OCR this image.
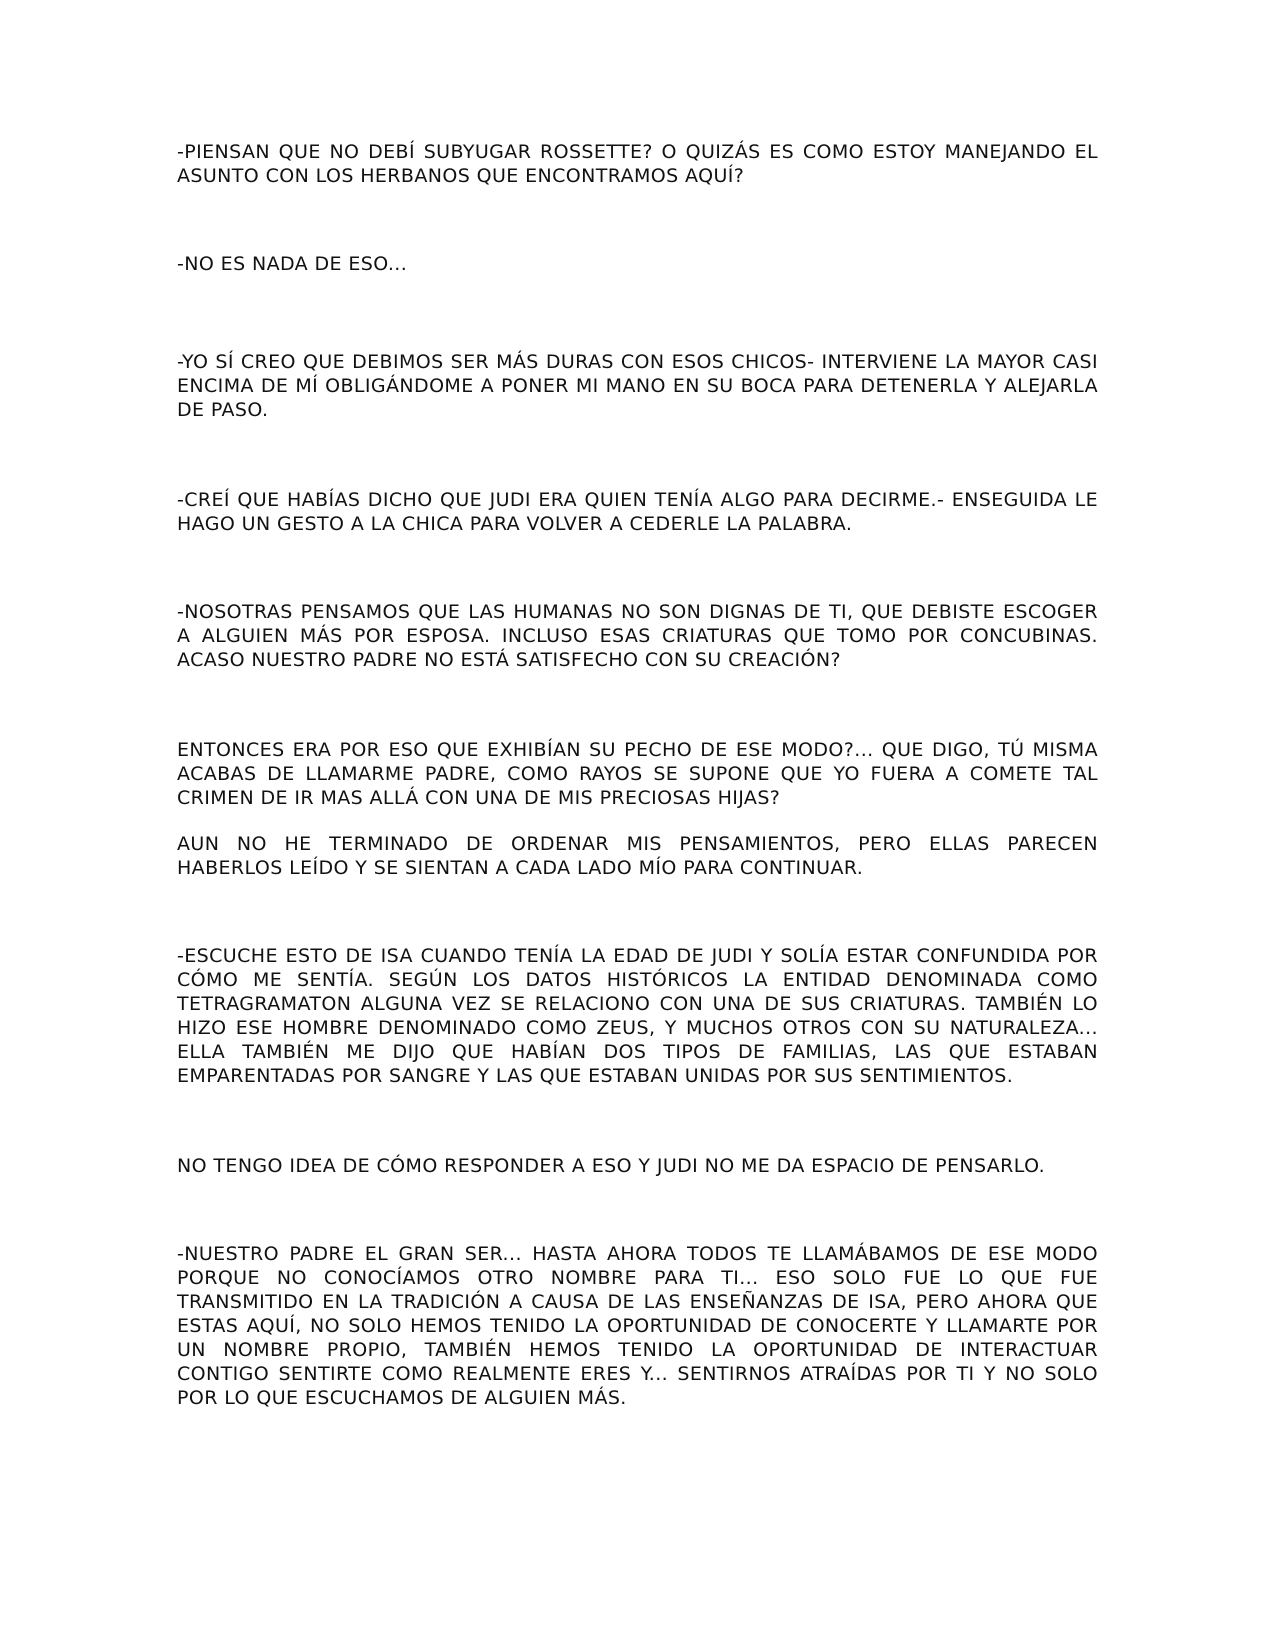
-PIENSAN QUE NO DEBÍ SUBYUGAR ROSSETTE? O QUIZÁS ES COMO ESTOY MANEJANDO EL ASUNTO CON LOS HERBANOS QUE ENCONTRAMOS AQUÍ?

-NO ES NADA DE ESO...

-YO SÍ CREO QUE DEBIMOS SER MÁS DURAS CON ESOS CHICOS- INTERVIENE LA MAYOR CASI ENCIMA DE MÍ OBLIGÁNDOME A PONER MI MANO EN SU BOCA PARA DETENERLA Y ALEJARLA DE PASO.

-CREÍ QUE HABÍAS DICHO QUE JUDI ERA QUIEN TENÍA ALGO PARA DECIRME.- ENSEGUIDA LE HAGO UN GESTO A LA CHICA PARA VOLVER A CEDERLE LA PALABRA.

-NOSOTRAS PENSAMOS QUE LAS HUMANAS NO SON DIGNAS DE TI, QUE DEBISTE ESCOGER A ALGUIEN MÁS POR ESPOSA. INCLUSO ESAS CRIATURAS QUE TOMO POR CONCUBINAS. ACASO NUESTRO PADRE NO ESTÁ SATISFECHO CON SU CREACIÓN?

ENTONCES ERA POR ESO QUE EXHIBÍAN SU PECHO DE ESE MODO?... QUE DIGO, TÚ MISMA ACABAS DE LLAMARME PADRE, COMO RAYOS SE SUPONE QUE YO FUERA A COMETE TAL CRIMEN DE IR MAS ALLÁ CON UNA DE MIS PRECIOSAS HIJAS?

AUN NO HE TERMINADO DE ORDENAR MIS PENSAMIENTOS, PERO ELLAS PARECEN HABERLOS LEÍDO Y SE SIENTAN A CADA LADO MÍO PARA CONTINUAR.

-ESCUCHE ESTO DE ISA CUANDO TENÍA LA EDAD DE JUDI Y SOLÍA ESTAR CONFUNDIDA POR CÓMO ME SENTÍA. SEGÚN LOS DATOS HISTÓRICOS LA ENTIDAD DENOMINADA COMO TETRAGRAMATON ALGUNA VEZ SE RELACIONO CON UNA DE SUS CRIATURAS. TAMBIÉN LO HIZO ESE HOMBRE DENOMINADO COMO ZEUS, Y MUCHOS OTROS CON SU NATURALEZA... ELLA TAMBIÉN ME DIJO QUE HABÍAN DOS TIPOS DE FAMILIAS, LAS QUE ESTABAN EMPARENTADAS POR SANGRE Y LAS QUE ESTABAN UNIDAS POR SUS SENTIMIENTOS.

NO TENGO IDEA DE CÓMO RESPONDER A ESO Y JUDI NO ME DA ESPACIO DE PENSARLO.

-NUESTRO PADRE EL GRAN SER... HASTA AHORA TODOS TE LLAMÁBAMOS DE ESE MODO PORQUE NO CONOCÍAMOS OTRO NOMBRE PARA TI... ESO SOLO FUE LO QUE FUE TRANSMITIDO EN LA TRADICIÓN A CAUSA DE LAS ENSEÑANZAS DE ISA, PERO AHORA QUE ESTAS AQUÍ, NO SOLO HEMOS TENIDO LA OPORTUNIDAD DE CONOCERTE Y LLAMARTE POR UN NOMBRE PROPIO, TAMBIÉN HEMOS TENIDO LA OPORTUNIDAD DE INTERACTUAR CONTIGO SENTIRTE COMO REALMENTE ERES Y... SENTIRNOS ATRAÍDAS POR TI Y NO SOLO POR LO QUE ESCUCHAMOS DE ALGUIEN MÁS.
